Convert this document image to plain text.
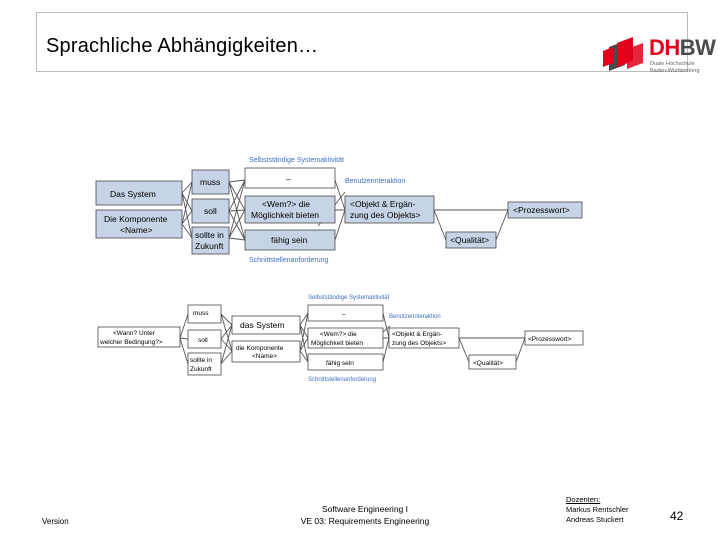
Sprachliche Abhängigkeiten…	DHBW
Duale Hochschule
Baden-Württemberg
Selbstständige Systemaktivität
Benutzerinteraktion
Schnittstellenanforderung
Das System
Die Komponente
<Name>
muss
soll
sollte in
Zukunft
–
<Wem?> die
Möglichkeit bieten
fähig sein
<Objekt & Ergän-
zung des Objekts>
<Qualität>
<Prozesswort>
Selbstständige Systemaktivität
Benutzerinteraktion
Schnittstellenanforderung
<Wann? Unter
welcher Bedingung?>
muss
soll
sollte in
Zukunft
das System
die Komponente
<Name>
–
<Wem?> die
Möglichkeit bieten
fähig sein
<Objekt & Ergän-
zung des Objekts>
<Qualität>
<Prozesswort>
Version
Software Engineering I
VE 03: Requirements Engineering
Dozenten:
Markus Rentschler
Andreas Stuckert	42
